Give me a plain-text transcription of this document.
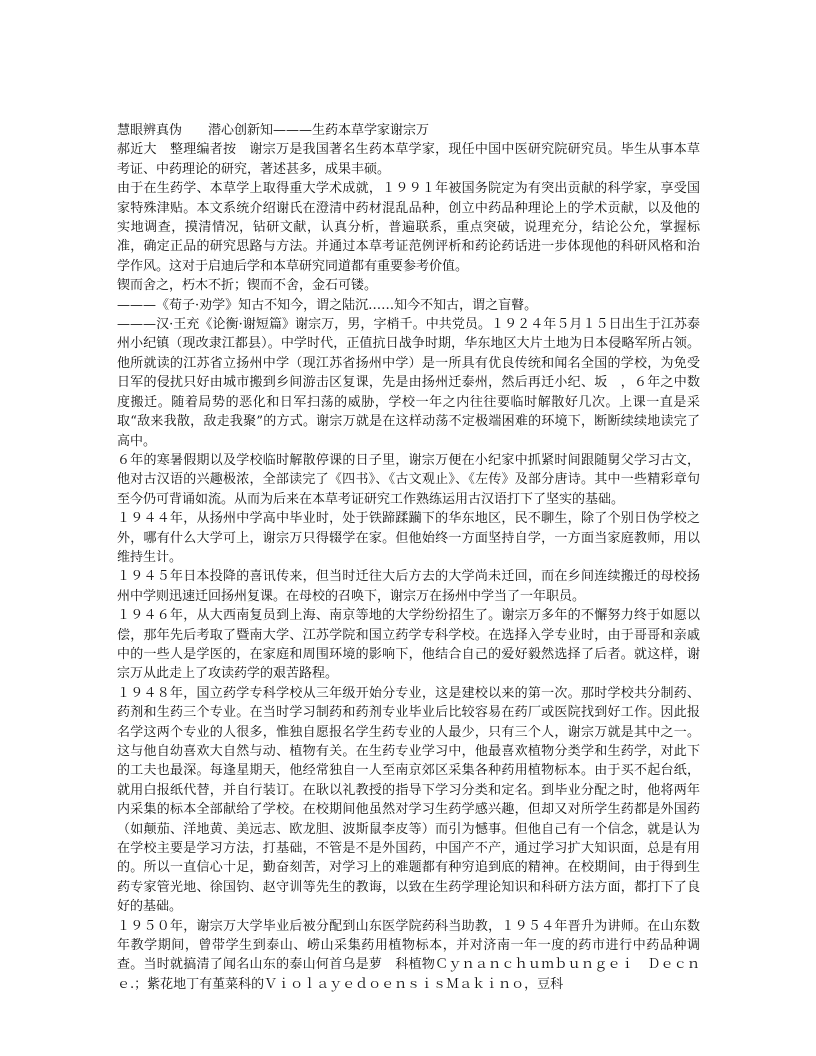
慧眼辨真伪　　潜心创新知———生药本草学家谢宗万

郝近大　整理编者按　谢宗万是我国著名生药本草学家，现任中国中医研究院研究员。毕生从事本草考证、中药理论的研究，著述甚多，成果丰硕。

由于在生药学、本草学上取得重大学术成就，１９９１年被国务院定为有突出贡献的科学家，享受国家特殊津贴。本文系统介绍谢氏在澄清中药材混乱品种，创立中药品种理论上的学术贡献，以及他的实地调查，摸清情况，钻研文献，认真分析，普遍联系，重点突破，说理充分，结论公允，掌握标准，确定正品的研究思路与方法。并通过本草考证范例评析和药论药话进一步体现他的科研风格和治学作风。这对于启迪后学和本草研究同道都有重要参考价值。

锲而舍之，朽木不折；锲而不舍，金石可镂。

———《荀子·劝学》知古不知今，谓之陆沉……知今不知古，谓之盲瞽。

———汉·王充《论衡·谢短篇》谢宗万，男，字梢千。中共党员。１９２４年５月１５日出生于江苏泰州小纪镇（现改隶江都县）。中学时代，正值抗日战争时期，华东地区大片土地为日本侵略军所占领。他所就读的江苏省立扬州中学（现江苏省扬州中学）是一所具有优良传统和闻名全国的学校，为免受日军的侵扰只好由城市搬到乡间游击区复课，先是由扬州迁泰州，然后再迁小纪、坂　，６年之中数度搬迁。随着局势的恶化和日军扫荡的威胁，学校一年之内往往要临时解散好几次。上课一直是采取“敌来我散，敌走我聚”的方式。谢宗万就是在这样动荡不定极端困难的环境下，断断续续地读完了高中。

６年的寒暑假期以及学校临时解散停课的日子里，谢宗万便在小纪家中抓紧时间跟随舅父学习古文，他对古汉语的兴趣极浓，全部读完了《四书》、《古文观止》、《左传》及部分唐诗。其中一些精彩章句至今仍可背诵如流。从而为后来在本草考证研究工作熟练运用古汉语打下了坚实的基础。

１９４４年，从扬州中学高中毕业时，处于铁蹄蹂躏下的华东地区，民不聊生，除了个别日伪学校之外，哪有什么大学可上，谢宗万只得辍学在家。但他始终一方面坚持自学，一方面当家庭教师，用以维持生计。

１９４５年日本投降的喜讯传来，但当时迁往大后方去的大学尚未迁回，而在乡间连续搬迁的母校扬州中学则迅速迁回扬州复课。在母校的召唤下，谢宗万在扬州中学当了一年职员。

１９４６年，从大西南复员到上海、南京等地的大学纷纷招生了。谢宗万多年的不懈努力终于如愿以偿，那年先后考取了暨南大学、江苏学院和国立药学专科学校。在选择入学专业时，由于哥哥和亲戚中的一些人是学医的，在家庭和周围环境的影响下，他结合自己的爱好毅然选择了后者。就这样，谢宗万从此走上了攻读药学的艰苦路程。

１９４８年，国立药学专科学校从三年级开始分专业，这是建校以来的第一次。那时学校共分制药、药剂和生药三个专业。在当时学习制药和药剂专业毕业后比较容易在药厂或医院找到好工作。因此报名学这两个专业的人很多，惟独自愿报名学生药专业的人最少，只有三个人，谢宗万就是其中之一。这与他自幼喜欢大自然与动、植物有关。在生药专业学习中，他最喜欢植物分类学和生药学，对此下的工夫也最深。每逢星期天，他经常独自一人至南京郊区采集各种药用植物标本。由于买不起台纸，就用白报纸代替，并自行装订。在耿以礼教授的指导下学习分类和定名。到毕业分配之时，他将两年内采集的标本全部献给了学校。在校期间他虽然对学习生药学感兴趣，但却又对所学生药都是外国药（如颠茄、洋地黄、美远志、欧龙胆、波斯鼠李皮等）而引为憾事。但他自己有一个信念，就是认为在学校主要是学习方法，打基础，不管是不是外国药，中国产不产，通过学习扩大知识面，总是有用的。所以一直信心十足，勤奋刻苦，对学习上的难题都有种穷追到底的精神。在校期间，由于得到生药专家管光地、徐国钧、赵守训等先生的教诲，以致在生药学理论知识和科研方法方面，都打下了良好的基础。

１９５０年，谢宗万大学毕业后被分配到山东医学院药科当助教，１９５４年晋升为讲师。在山东数年教学期间，曾带学生到泰山、崂山采集药用植物标本，并对济南一年一度的药市进行中药品种调查。当时就搞清了闻名山东的泰山何首乌是萝　科植物Ｃｙｎａｎｃｈｕｍｂｕｎｇｅｉ　Ｄｅｃｎｅ.；紫花地丁有堇菜科的ＶｉｏｌａｙｅｄｏｅｎｓｉｓＭａｋｉｎｏ，豆科
